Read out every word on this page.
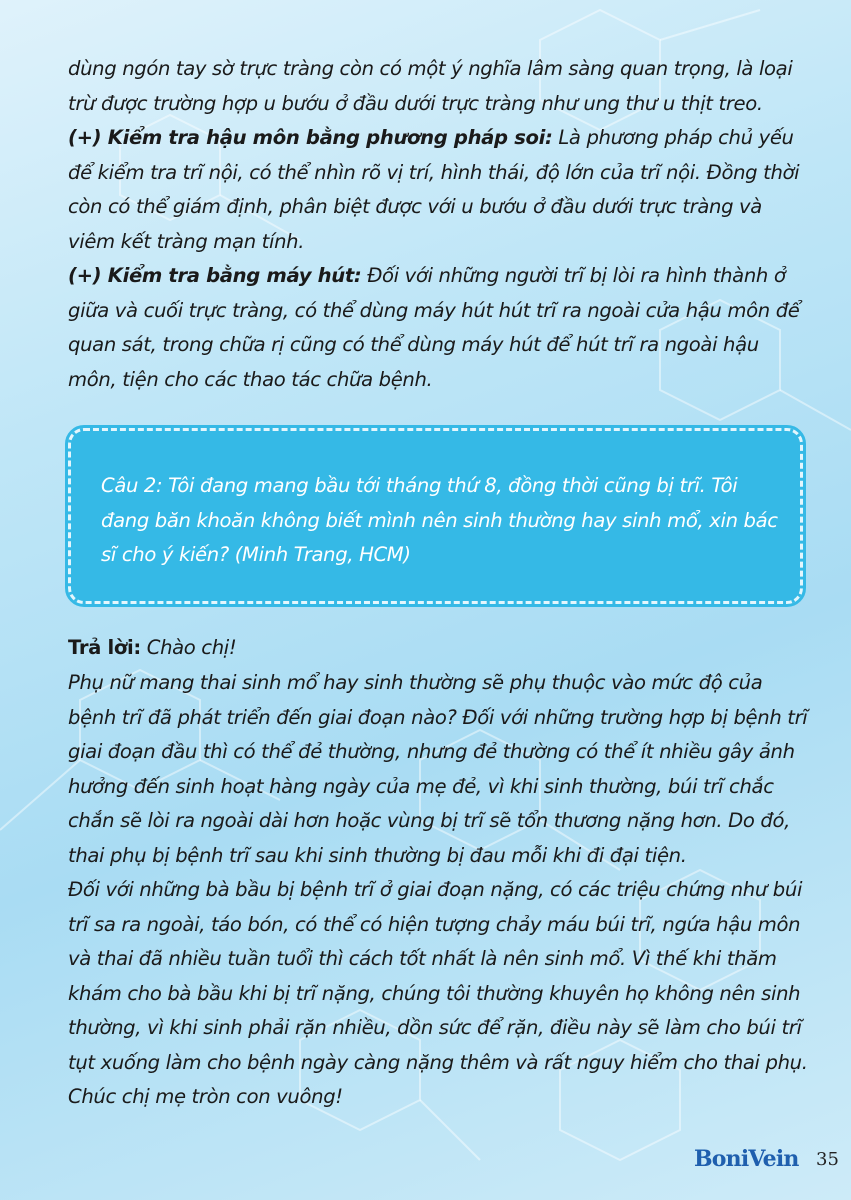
dùng ngón tay sờ trực tràng còn có một ý nghĩa lâm sàng quan trọng, là loại trừ được trường hợp u bướu ở đầu dưới trực tràng như ung thư u thịt treo.

(+) Kiểm tra hậu môn bằng phương pháp soi: Là phương pháp chủ yếu để kiểm tra trĩ nội, có thể nhìn rõ vị trí, hình thái, độ lớn của trĩ nội. Đồng thời còn có thể giám định, phân biệt được với u bướu ở đầu dưới trực tràng và viêm kết tràng mạn tính.

(+) Kiểm tra bằng máy hút: Đối với những người trĩ bị lòi ra hình thành ở giữa và cuối trực tràng, có thể dùng máy hút hút trĩ ra ngoài cửa hậu môn để quan sát, trong chữa rị cũng có thể dùng máy hút để hút trĩ ra ngoài hậu môn, tiện cho các thao tác chữa bệnh.

Câu 2: Tôi đang mang bầu tới tháng thứ 8, đồng thời cũng bị trĩ. Tôi đang băn khoăn không biết mình nên sinh thường hay sinh mổ, xin bác sĩ cho ý kiến? (Minh Trang, HCM)

Trả lời: Chào chị!

Phụ nữ mang thai sinh mổ hay sinh thường sẽ phụ thuộc vào mức độ của bệnh trĩ đã phát triển đến giai đoạn nào? Đối với những trường hợp bị bệnh trĩ giai đoạn đầu thì có thể đẻ thường, nhưng đẻ thường có thể ít nhiều gây ảnh hưởng đến sinh hoạt hàng ngày của mẹ đẻ, vì khi sinh thường, búi trĩ chắc chắn sẽ lòi ra ngoài dài hơn hoặc vùng bị trĩ sẽ tổn thương nặng hơn. Do đó, thai phụ bị bệnh trĩ sau khi sinh thường bị đau mỗi khi đi đại tiện.

Đối với những bà bầu bị bệnh trĩ ở giai đoạn nặng, có các triệu chứng như búi trĩ sa ra ngoài, táo bón, có thể có hiện tượng chảy máu búi trĩ, ngứa hậu môn và thai đã nhiều tuần tuổi thì cách tốt nhất là nên sinh mổ. Vì thế khi thăm khám cho bà bầu khi bị trĩ nặng, chúng tôi thường khuyên họ không nên sinh thường, vì khi sinh phải rặn nhiều, dồn sức để rặn, điều này sẽ làm cho búi trĩ tụt xuống làm cho bệnh ngày càng nặng thêm và rất nguy hiểm cho thai phụ.

Chúc chị mẹ tròn con vuông!

BoniVein 35
